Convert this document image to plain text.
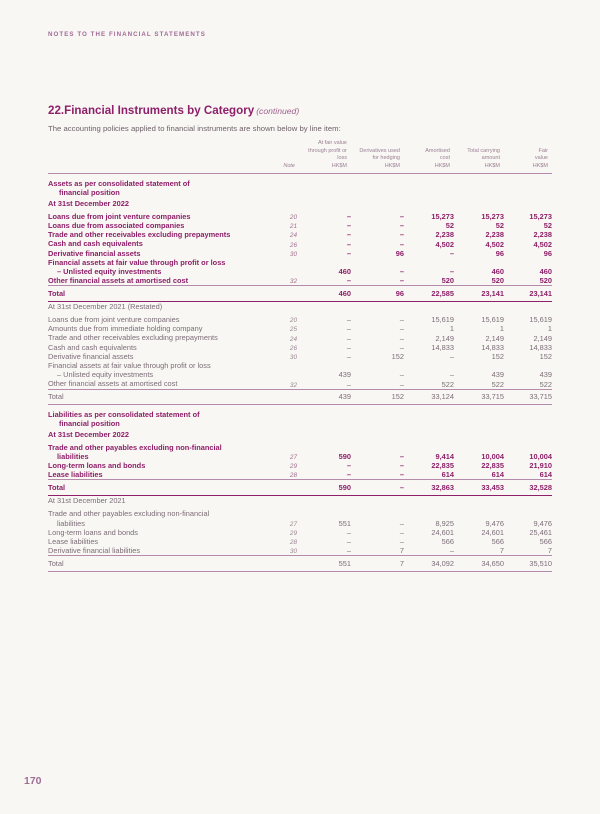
NOTES TO THE FINANCIAL STATEMENTS
22.Financial Instruments by Category (continued)
The accounting policies applied to financial instruments are shown below by line item:
	Note	At fair value
through profit or loss
HK$M	Derivatives used
for hedging
HK$M	Amortised
cost
HK$M	Total carrying
amount
HK$M	Fair
value
HK$M

Assets as per consolidated statement of

financial position						

At 31st December 2022						
Loans due from joint venture companies	20	–	–	15,273	15,273	15,273
Loans due from associated companies	21	–	–	52	52	52
Trade and other receivables excluding prepayments	24	–	–	2,238	2,238	2,238
Cash and cash equivalents	26	–	–	4,502	4,502	4,502
Derivative financial assets	30	–	96	–	96	96
Financial assets at fair value through profit or loss						

– Unlisted equity investments		460	–	–	460	460
Other financial assets at amortised cost	32	–	–	520	520	520
Total		460	96	22,585	23,141	23,141
At 31st December 2021 (Restated)						
Loans due from joint venture companies	20	–	–	15,619	15,619	15,619
Amounts due from immediate holding company	25	–	–	1	1	1
Trade and other receivables excluding prepayments	24	–	–	2,149	2,149	2,149
Cash and cash equivalents	26	–	–	14,833	14,833	14,833
Derivative financial assets	30	–	152	–	152	152
Financial assets at fair value through profit or loss						

– Unlisted equity investments		439	–	–	439	439
Other financial assets at amortised cost	32	–	–	522	522	522
Total		439	152	33,124	33,715	33,715
Liabilities as per consolidated statement of

financial position						

At 31st December 2022						
Trade and other payables excluding non-financial

liabilities	27	590	–	9,414	10,004	10,004
Long-term loans and bonds	29	–	–	22,835	22,835	21,910
Lease liabilities	28	–	–	614	614	614
Total		590	–	32,863	33,453	32,528
At 31st December 2021						
Trade and other payables excluding non-financial

liabilities	27	551	–	8,925	9,476	9,476
Long-term loans and bonds	29	–	–	24,601	24,601	25,461
Lease liabilities	28	–	–	566	566	566
Derivative financial liabilities	30	–	7	–	7	7
Total		551	7	34,092	34,650	35,510
170
